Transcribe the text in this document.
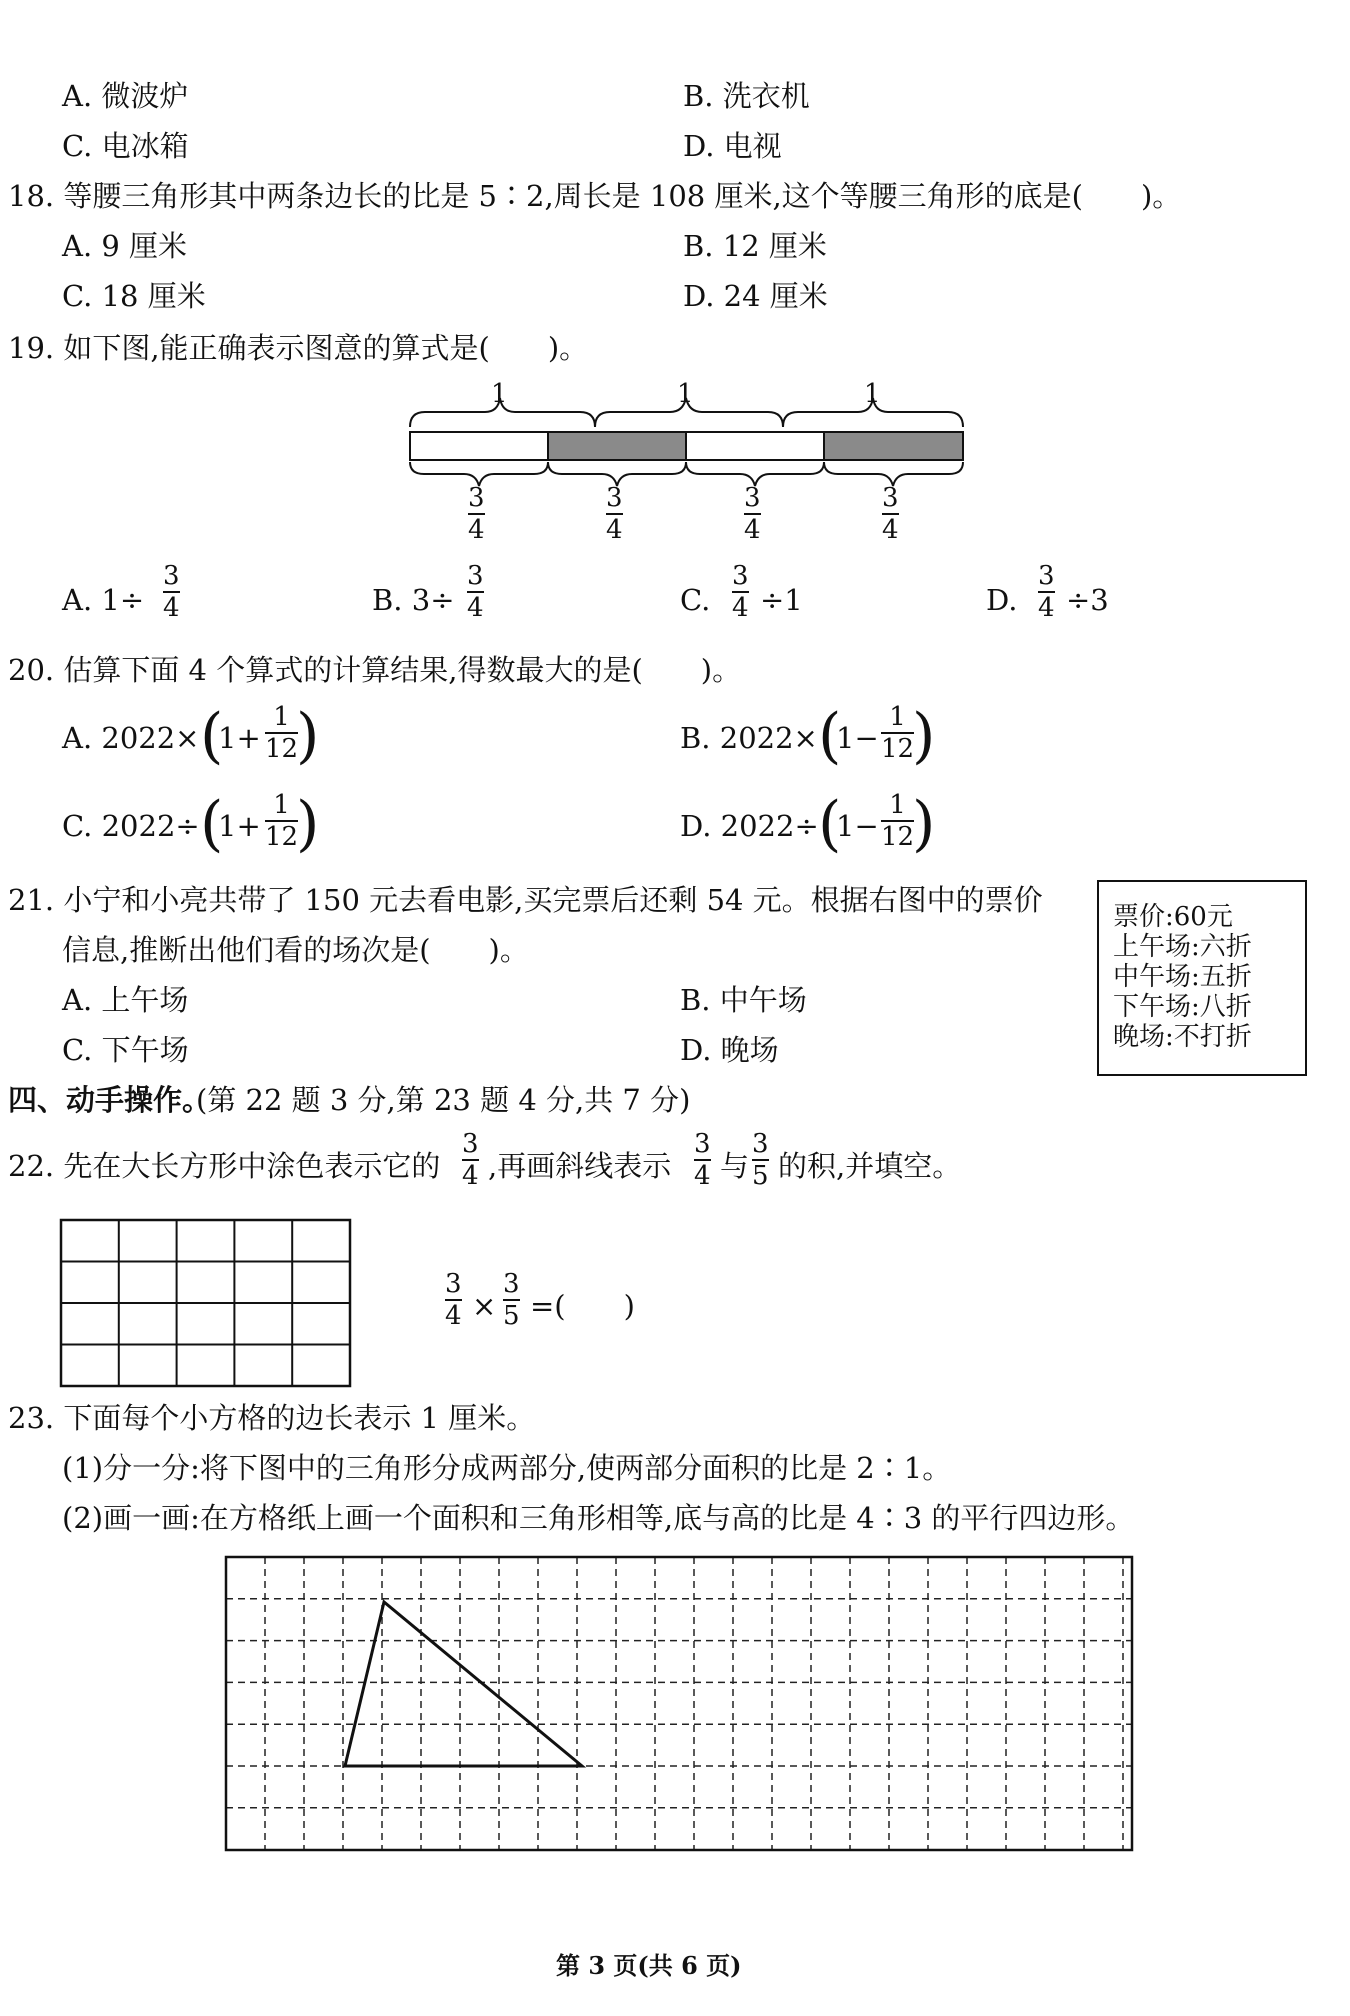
A. 微波炉	B. 洗衣机
C. 电冰箱	D. 电视
18. 等腰三角形其中两条边长的比是 5∶2,周长是 108 厘米,这个等腰三角形的底是(　　)。
A. 9 厘米	B. 12 厘米
C. 18 厘米	D. 24 厘米
19. 如下图,能正确表示图意的算式是(　　)。
1	1	1
3
4
3
4
3
4
3
4
A. 1÷
3
4	B. 3÷
3
4	C.
3
4 ÷1	D.
3
4 ÷3
20. 估算下面 4 个算式的计算结果,得数最大的是(　　)。
A. 2022× (
1+
1
12
)	B. 2022× (
1−
1
12
)
C. 2022÷ (
1+
1
12
)	D. 2022÷ (
1−
1
12
)
21. 小宁和小亮共带了 150 元去看电影,买完票后还剩 54 元。根据右图中的票价
信息,推断出他们看的场次是(　　)。
A. 上午场	B. 中午场
C. 下午场	D. 晚场
票价:60元
上午场:六折
中午场:五折
下午场:八折
晚场:不打折
四、动手操作。
(第 22 题 3 分,第 23 题 4 分,共 7 分)
22. 先在大长方形中涂色表示它的
3
4 ,再画斜线表示
3
4 与
3
5 的积,并填空。
3
4 ×
3
5 =(　　)
23. 下面每个小方格的边长表示 1 厘米。
(1)分一分:将下图中的三角形分成两部分,使两部分面积的比是 2∶1。
(2)画一画:在方格纸上画一个面积和三角形相等,底与高的比是 4∶3 的平行四边形。
第 3 页(共 6 页)
